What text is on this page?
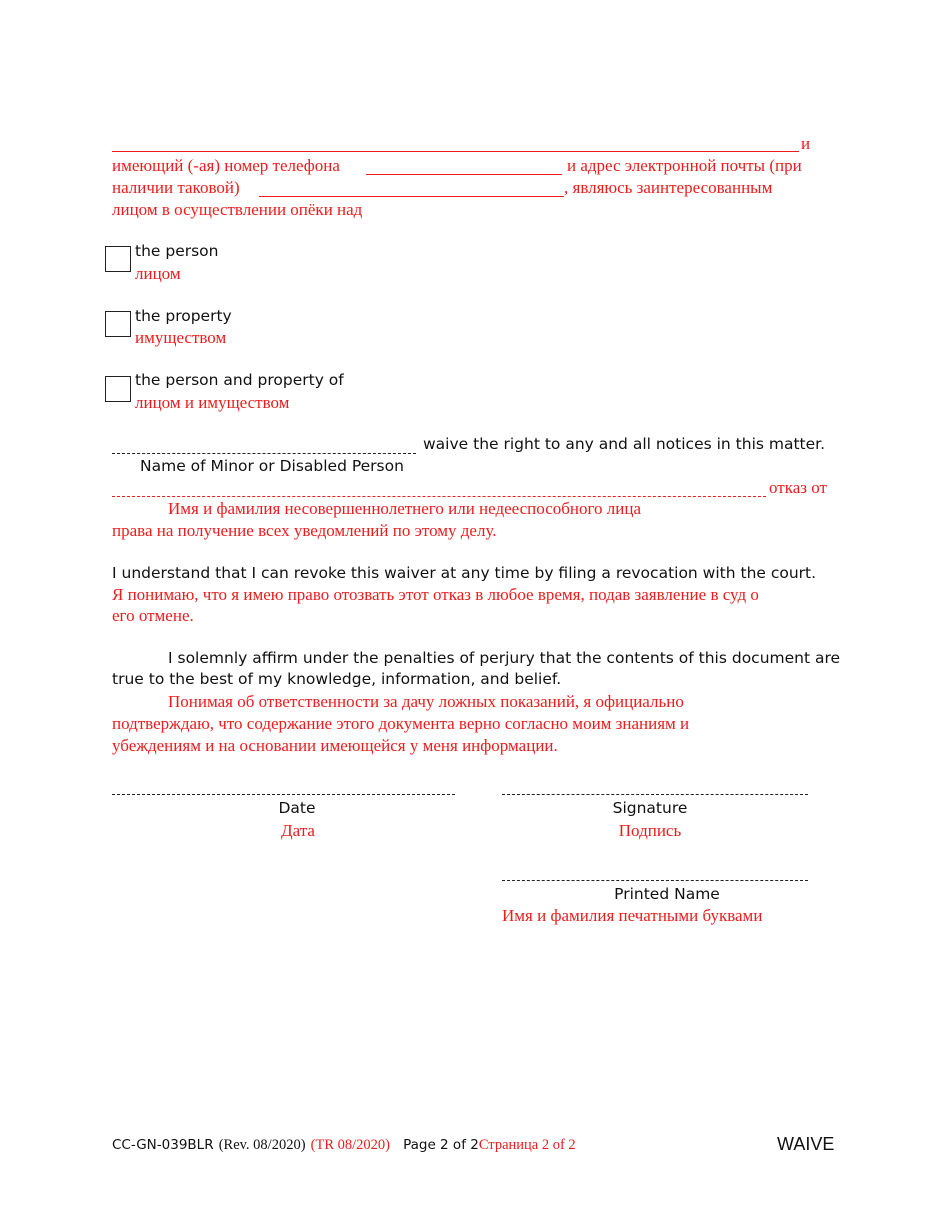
и
имеющий (-ая) номер телефона	и адрес электронной почты (при
наличии таковой)	, являюсь заинтересованным
лицом в осуществлении опёки над
the person
лицом
the property
имуществом
the person and property of
лицом и имуществом
waive the right to any and all notices in this matter.
Name of Minor or Disabled Person
отказ от
Имя и фамилия несовершеннолетнего или недееспособного лица
права на получение всех уведомлений по этому делу.
I understand that I can revoke this waiver at any time by filing a revocation with the court.
Я понимаю, что я имею право отозвать этот отказ в любое время, подав заявление в суд о
его отмене.
I solemnly affirm under the penalties of perjury that the contents of this document are
true to the best of my knowledge, information, and belief.
Понимая об ответственности за дачу ложных показаний, я официально
подтверждаю, что содержание этого документа верно согласно моим знаниям и
убеждениям и на основании имеющейся у меня информации.
Date
Дата
Signature
Подпись
Printed Name
Имя и фамилия печатными буквами
CC-GN-039BLR (Rev. 08/2020) (TR 08/2020) Page 2 of 2Страница 2 of 2	WAIVE
